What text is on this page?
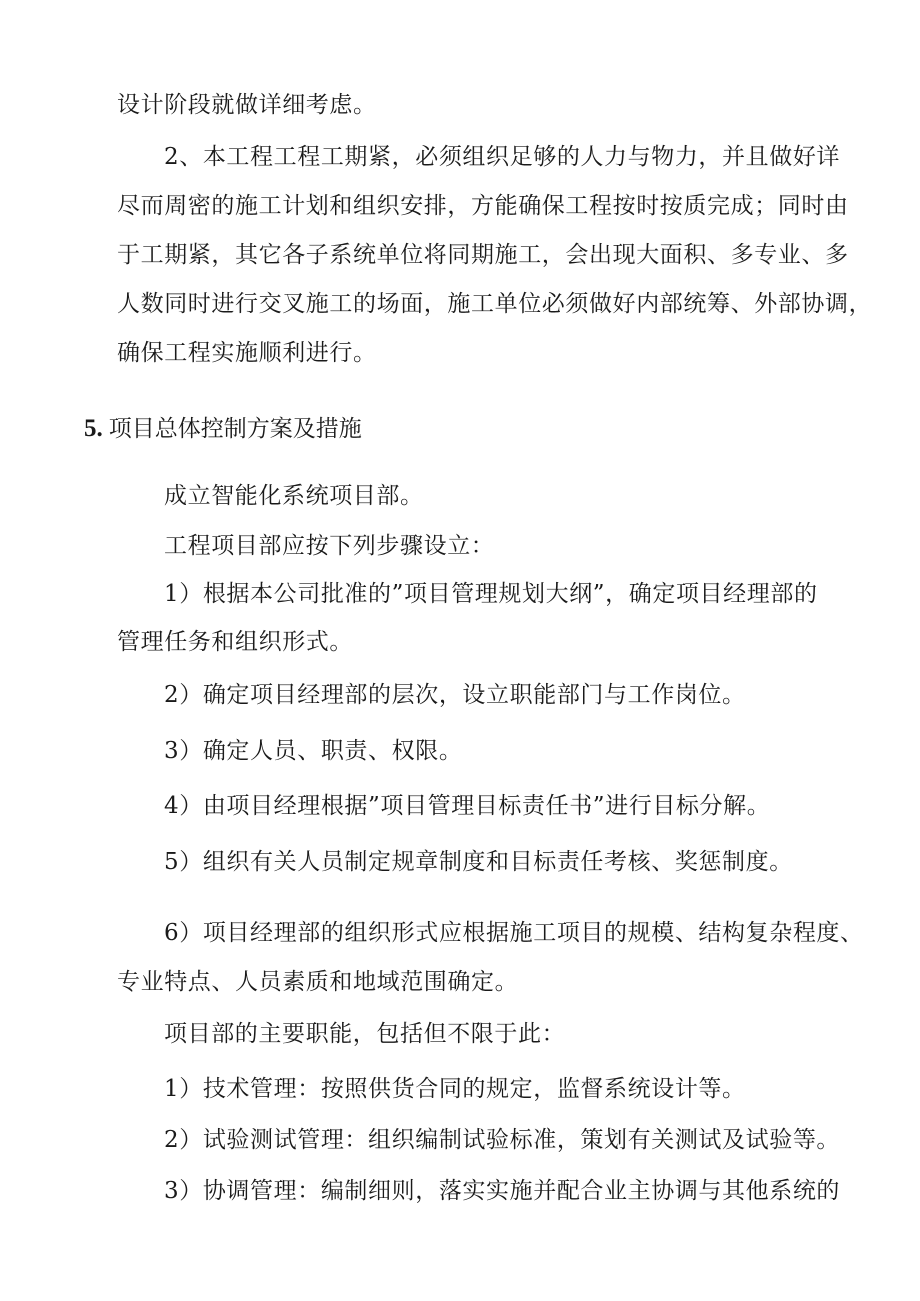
设计阶段就做详细考虑。
2、本工程工程工期紧，必须组织足够的人力与物力，并且做好详
尽而周密的施工计划和组织安排，方能确保工程按时按质完成；同时由
于工期紧，其它各子系统单位将同期施工，会出现大面积、多专业、多
人数同时进行交叉施工的场面，施工单位必须做好内部统筹、外部协调，
确保工程实施顺利进行。
5. 项目总体控制方案及措施
成立智能化系统项目部。
工程项目部应按下列步骤设立：
1）根据本公司批准的”项目管理规划大纲”，确定项目经理部的
管理任务和组织形式。
2）确定项目经理部的层次，设立职能部门与工作岗位。
3）确定人员、职责、权限。
4）由项目经理根据”项目管理目标责任书”进行目标分解。
5）组织有关人员制定规章制度和目标责任考核、奖惩制度。
6）项目经理部的组织形式应根据施工项目的规模、结构复杂程度、
专业特点、人员素质和地域范围确定。
项目部的主要职能，包括但不限于此：
1）技术管理：按照供货合同的规定，监督系统设计等。
2）试验测试管理：组织编制试验标准，策划有关测试及试验等。
3）协调管理：编制细则，落实实施并配合业主协调与其他系统的
